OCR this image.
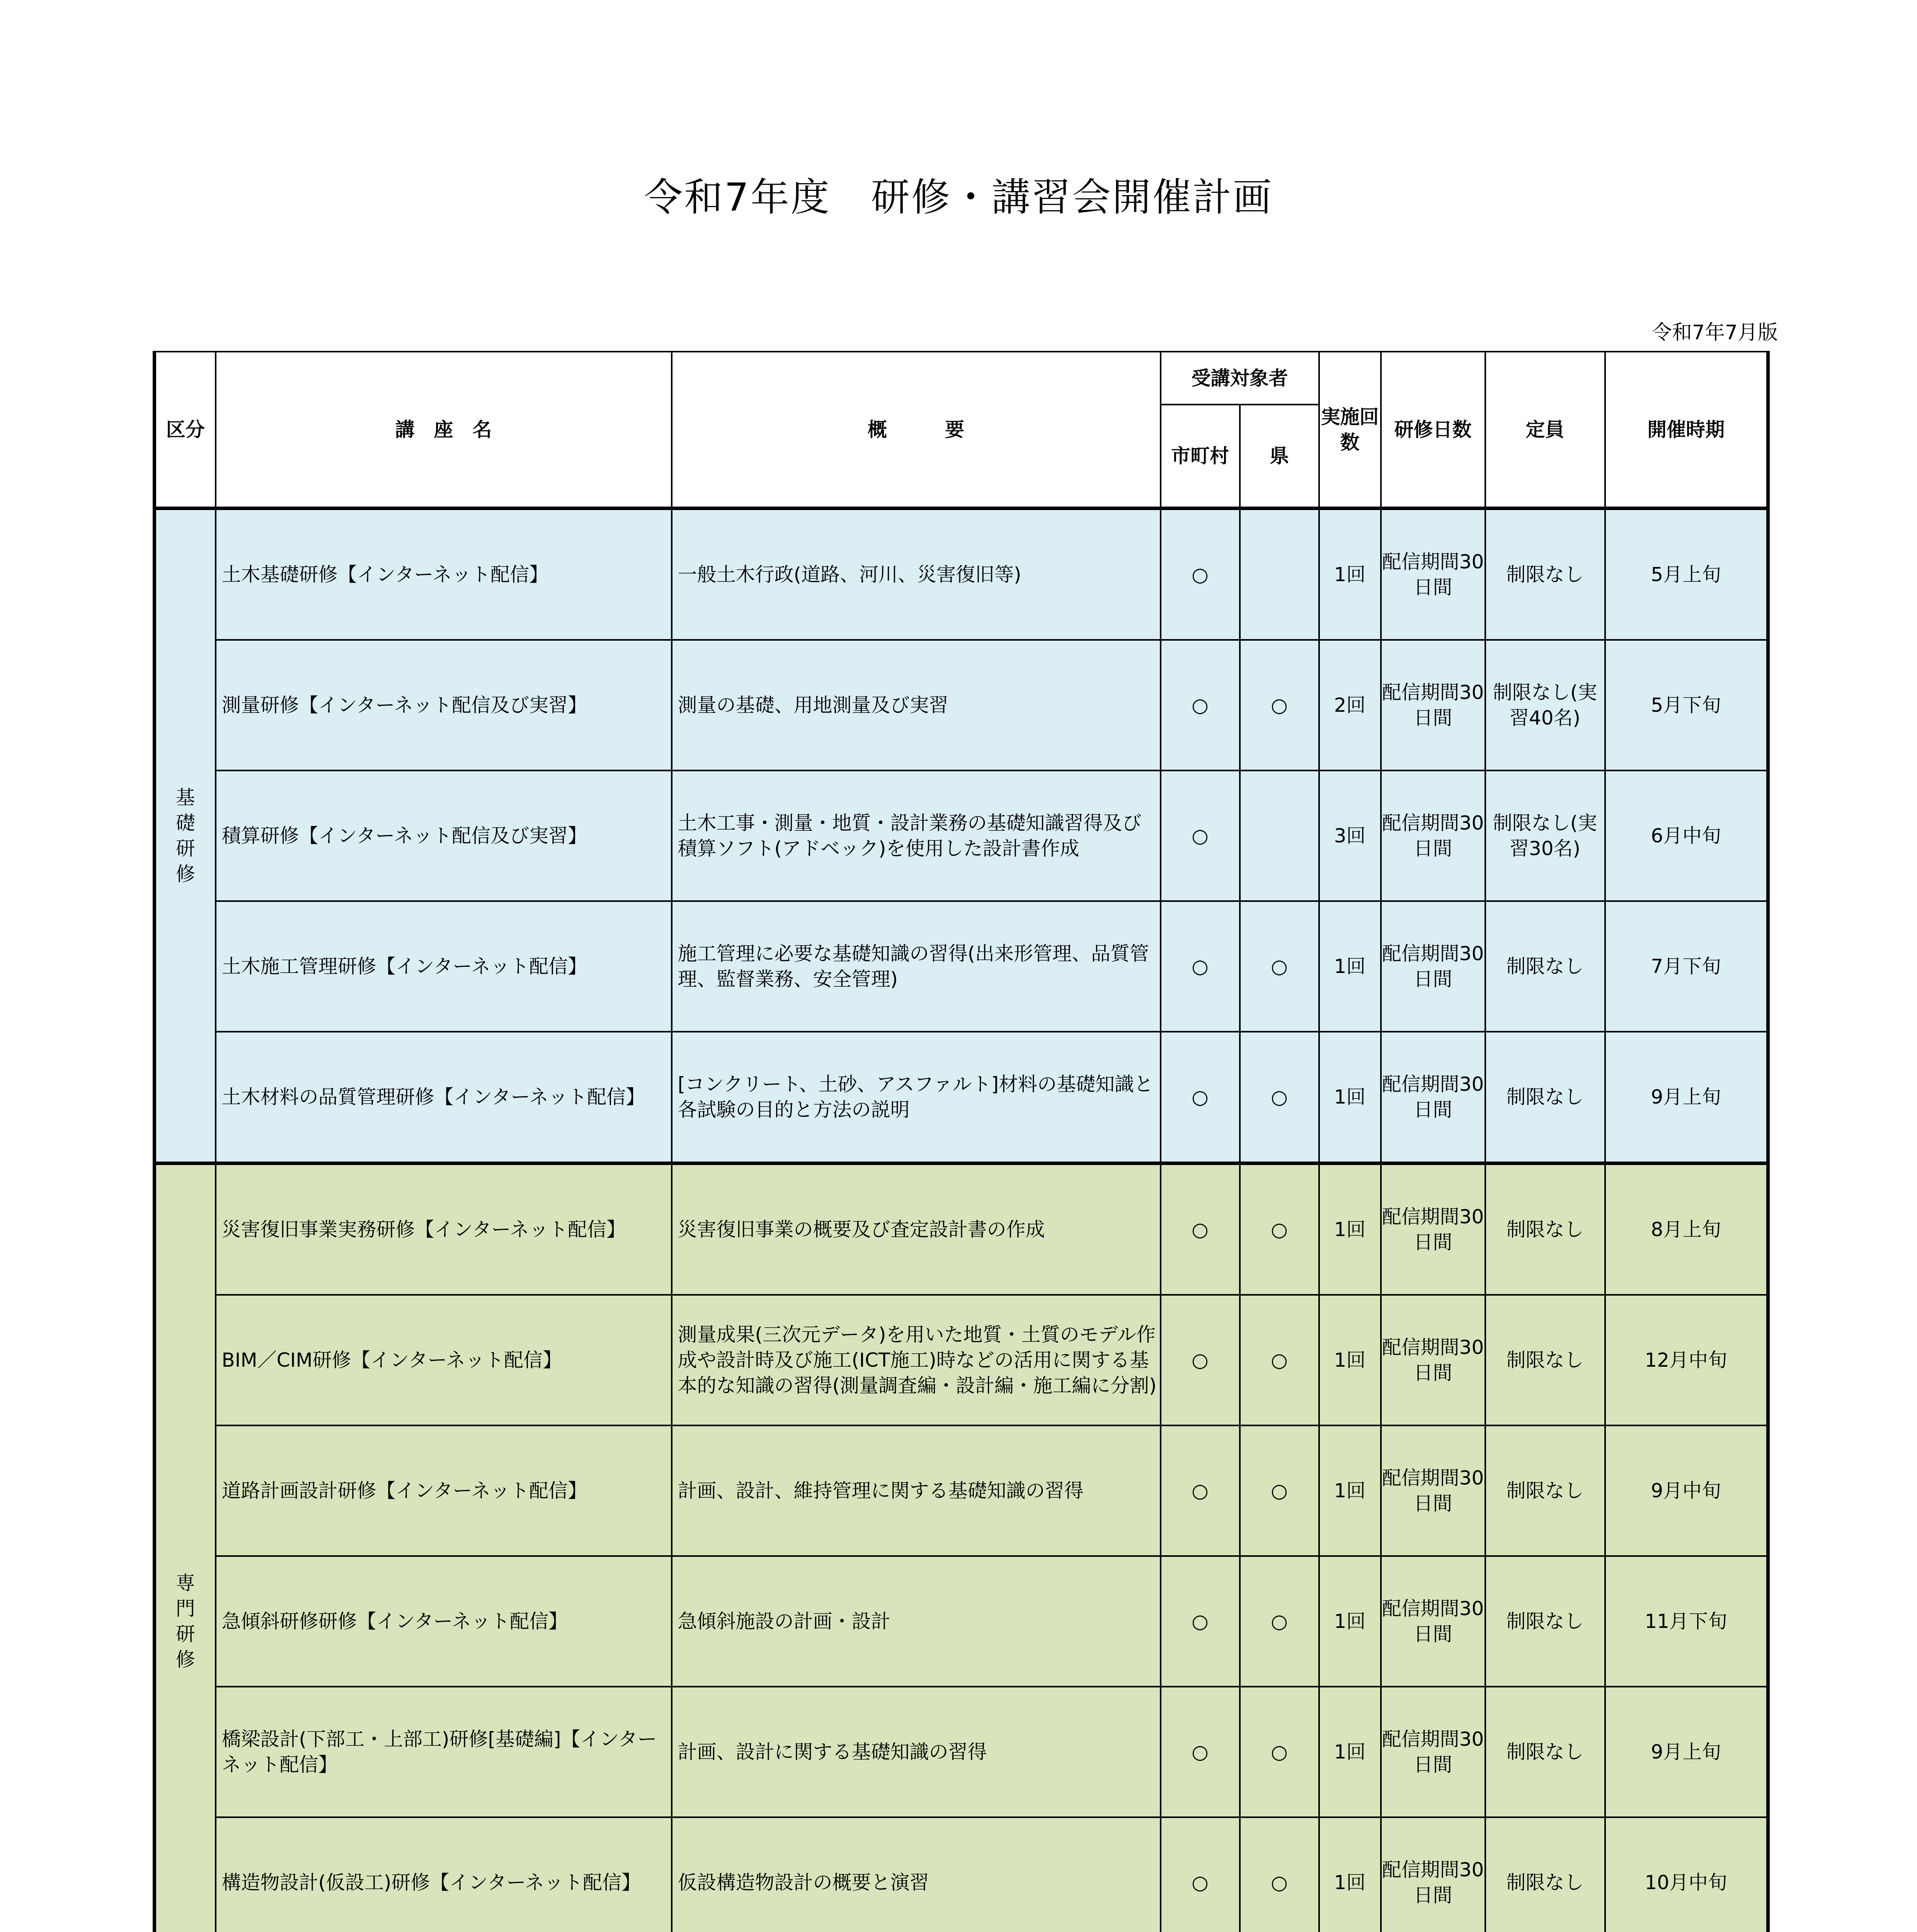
令和7年度　研修・講習会開催計画
令和7年7月版
区分	講　座　名	概　　　要	受講対象者		実施回数	研修日数	定員	開催時期
			市町村	県				

基礎研修	土木基礎研修【インターネット配信】	一般土木行政(道路、河川、災害復旧等)	○		1回	配信期間30日間	制限なし	5月上旬
	測量研修【インターネット配信及び実習】	測量の基礎、用地測量及び実習	○	○	2回	配信期間30日間	制限なし(実習40名)	5月下旬
	積算研修【インターネット配信及び実習】	土木工事・測量・地質・設計業務の基礎知識習得及び積算ソフト(アドベック)を使用した設計書作成	○		3回	配信期間30日間	制限なし(実習30名)	6月中旬
	土木施工管理研修【インターネット配信】	施工管理に必要な基礎知識の習得(出来形管理、品質管理、監督業務、安全管理)	○	○	1回	配信期間30日間	制限なし	7月下旬
	土木材料の品質管理研修【インターネット配信】	[コンクリート、土砂、アスファルト]材料の基礎知識と各試験の目的と方法の説明	○	○	1回	配信期間30日間	制限なし	9月上旬

専門研修	災害復旧事業実務研修【インターネット配信】	災害復旧事業の概要及び査定設計書の作成	○	○	1回	配信期間30日間	制限なし	8月上旬
	BIM／CIM研修【インターネット配信】	測量成果(三次元データ)を用いた地質・土質のモデル作成や設計時及び施工(ICT施工)時などの活用に関する基本的な知識の習得(測量調査編・設計編・施工編に分割)	○	○	1回	配信期間30日間	制限なし	12月中旬
	道路計画設計研修【インターネット配信】	計画、設計、維持管理に関する基礎知識の習得	○	○	1回	配信期間30日間	制限なし	9月中旬
	急傾斜研修研修【インターネット配信】	急傾斜施設の計画・設計	○	○	1回	配信期間30日間	制限なし	11月下旬
	橋梁設計(下部工・上部工)研修[基礎編]【インターネット配信】	計画、設計に関する基礎知識の習得	○	○	1回	配信期間30日間	制限なし	9月上旬
	構造物設計(仮設工)研修【インターネット配信】	仮設構造物設計の概要と演習	○	○	1回	配信期間30日間	制限なし	10月中旬
